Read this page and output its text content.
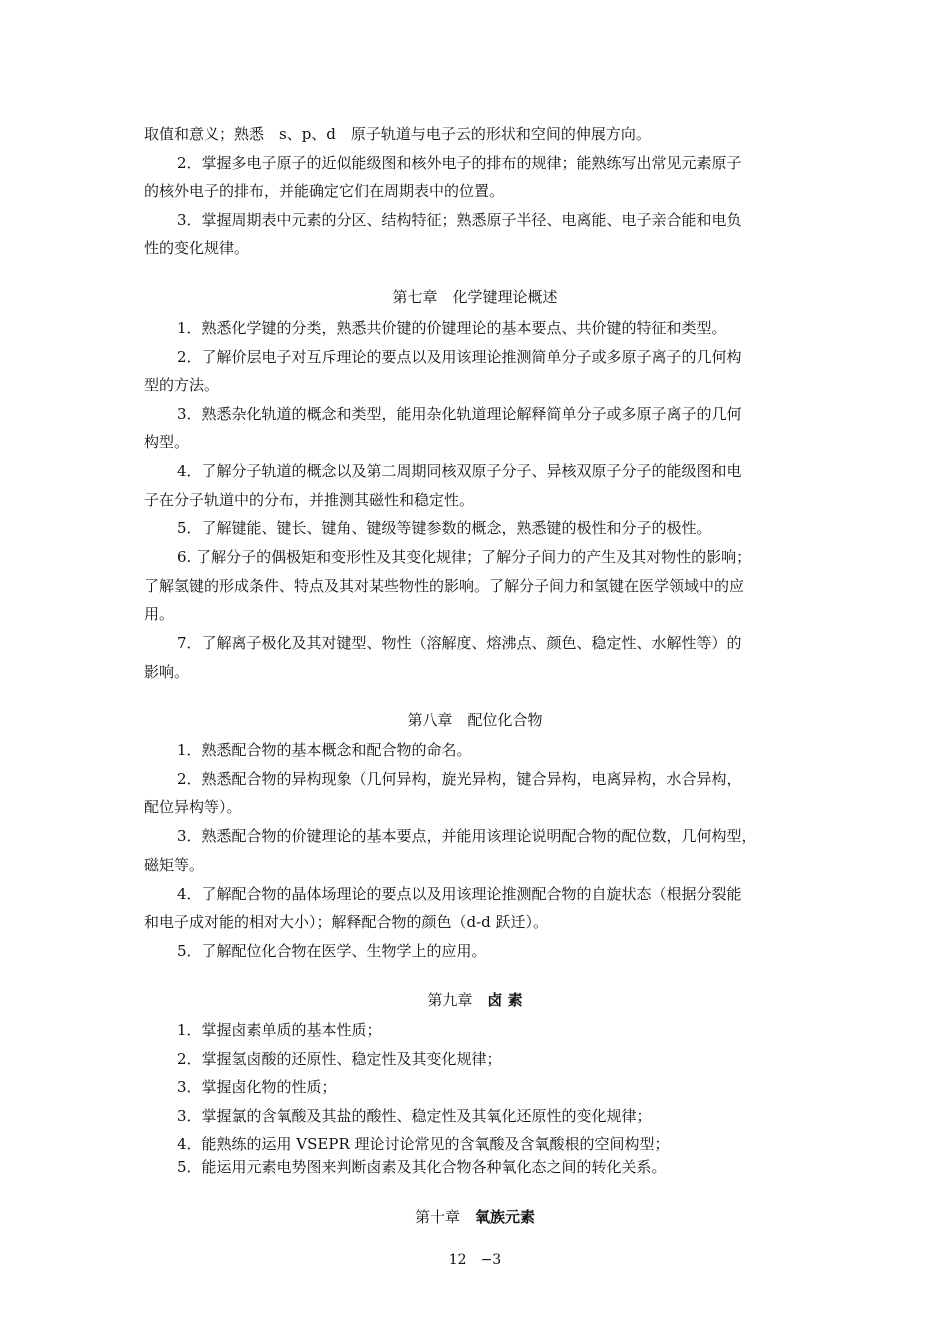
取值和意义；熟悉　s、p、d　原子轨道与电子云的形状和空间的伸展方向。
2．掌握多电子原子的近似能级图和核外电子的排布的规律；能熟练写出常见元素原子
的核外电子的排布，并能确定它们在周期表中的位置。
3．掌握周期表中元素的分区、结构特征；熟悉原子半径、电离能、电子亲合能和电负
性的变化规律。
第七章　化学键理论概述
1．熟悉化学键的分类，熟悉共价键的价键理论的基本要点、共价键的特征和类型。
2．了解价层电子对互斥理论的要点以及用该理论推测简单分子或多原子离子的几何构
型的方法。
3．熟悉杂化轨道的概念和类型，能用杂化轨道理论解释简单分子或多原子离子的几何
构型。
4．了解分子轨道的概念以及第二周期同核双原子分子、异核双原子分子的能级图和电
子在分子轨道中的分布，并推测其磁性和稳定性。
5．了解键能、键长、键角、键级等键参数的概念，熟悉键的极性和分子的极性。
6. 了解分子的偶极矩和变形性及其变化规律；了解分子间力的产生及其对物性的影响；
了解氢键的形成条件、特点及其对某些物性的影响。了解分子间力和氢键在医学领域中的应
用。
7．了解离子极化及其对键型、物性（溶解度、熔沸点、颜色、稳定性、水解性等）的
影响。
第八章　配位化合物
1．熟悉配合物的基本概念和配合物的命名。
2．熟悉配合物的异构现象（几何异构，旋光异构，键合异构，电离异构，水合异构，
配位异构等）。
3．熟悉配合物的价键理论的基本要点，并能用该理论说明配合物的配位数，几何构型，
磁矩等。
4．了解配合物的晶体场理论的要点以及用该理论推测配合物的自旋状态（根据分裂能
和电子成对能的相对大小）；解释配合物的颜色（d-d 跃迁）。
5．了解配位化合物在医学、生物学上的应用。
第九章　卤 素
1．掌握卤素单质的基本性质；
2．掌握氢卤酸的还原性、稳定性及其变化规律；
3．掌握卤化物的性质；
3．掌握氯的含氧酸及其盐的酸性、稳定性及其氧化还原性的变化规律；
4．能熟练的运用 VSEPR 理论讨论常见的含氧酸及含氧酸根的空间构型；
5．能运用元素电势图来判断卤素及其化合物各种氧化态之间的转化关系。
第十章　氧族元素
12　−3
